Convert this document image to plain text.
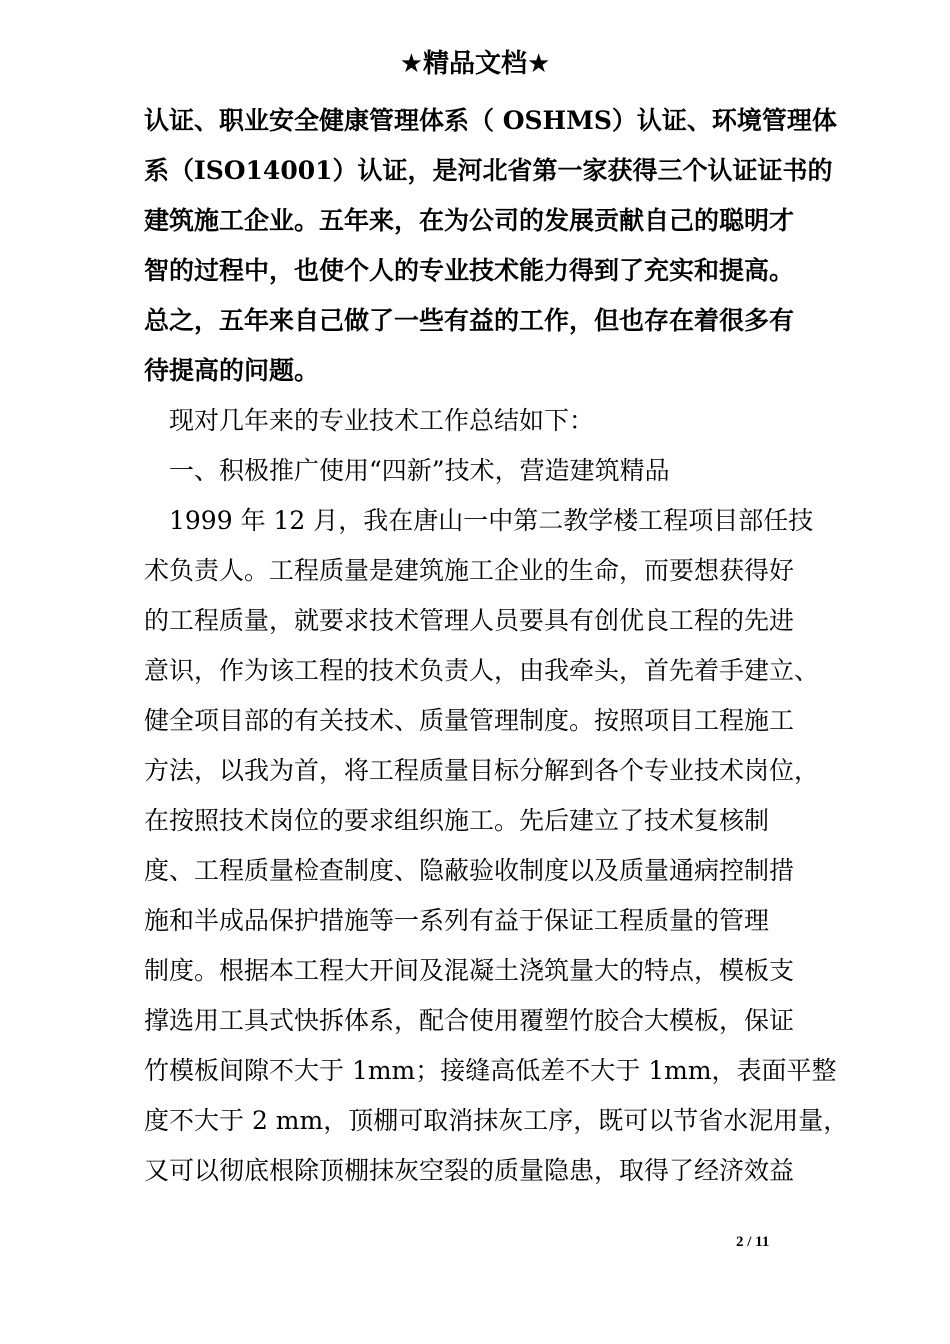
★精品文档★
认证、职业安全健康管理体系（ OSHMS）认证、环境管理体
系（ISO14001）认证，是河北省第一家获得三个认证证书的
建筑施工企业。五年来，在为公司的发展贡献自己的聪明才
智的过程中，也使个人的专业技术能力得到了充实和提高。
总之，五年来自己做了一些有益的工作，但也存在着很多有
待提高的问题。
　现对几年来的专业技术工作总结如下：
　一、积极推广使用“四新”技术，营造建筑精品
　1999 年 12 月，我在唐山一中第二教学楼工程项目部任技
术负责人。工程质量是建筑施工企业的生命，而要想获得好
的工程质量，就要求技术管理人员要具有创优良工程的先进
意识，作为该工程的技术负责人，由我牵头，首先着手建立、
健全项目部的有关技术、质量管理制度。按照项目工程施工
方法，以我为首，将工程质量目标分解到各个专业技术岗位，
在按照技术岗位的要求组织施工。先后建立了技术复核制
度、工程质量检查制度、隐蔽验收制度以及质量通病控制措
施和半成品保护措施等一系列有益于保证工程质量的管理
制度。根据本工程大开间及混凝土浇筑量大的特点，模板支
撑选用工具式快拆体系，配合使用覆塑竹胶合大模板，保证
竹模板间隙不大于 1mm；接缝高低差不大于 1mm，表面平整
度不大于 2 mm，顶棚可取消抹灰工序，既可以节省水泥用量，
又可以彻底根除顶棚抹灰空裂的质量隐患，取得了经济效益
2 / 11
